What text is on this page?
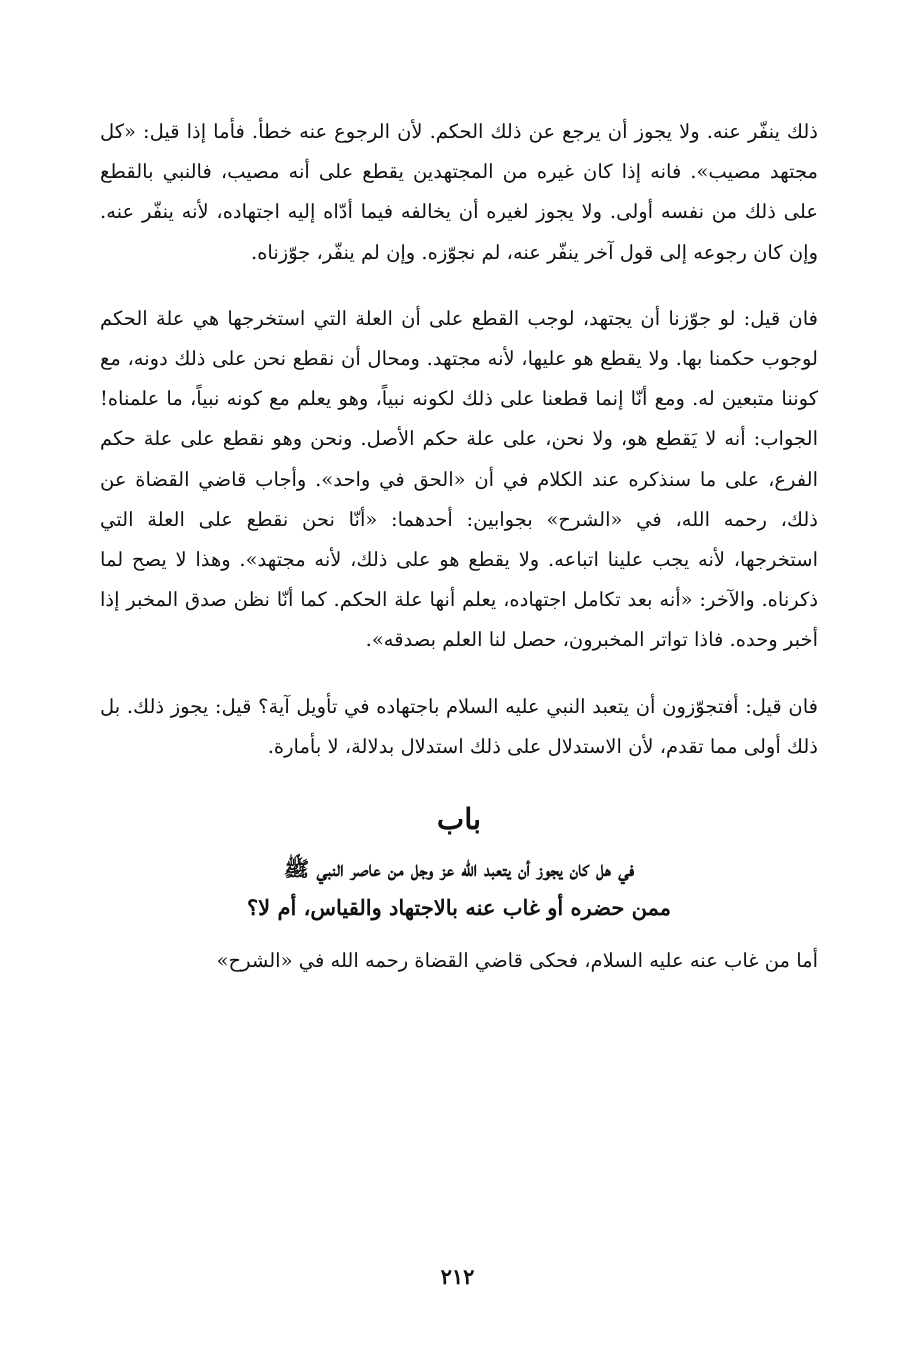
ذلك ينفّر عنه. ولا يجوز أن يرجع عن ذلك الحكم. لأن الرجوع عنه خطأ. فأما إذا قيل: «كل مجتهد مصيب». فانه إذا كان غيره من المجتهدين يقطع على أنه مصيب، فالنبي بالقطع على ذلك من نفسه أولى. ولا يجوز لغيره أن يخالفه فيما أدّاه إليه اجتهاده، لأنه ينفّر عنه. وإن كان رجوعه إلى قول آخر ينفّر عنه، لم نجوّزه. وإن لم ينفّر، جوّزناه.

فان قيل: لو جوّزنا أن يجتهد، لوجب القطع على أن العلة التي استخرجها هي علة الحكم لوجوب حكمنا بها. ولا يقطع هو عليها، لأنه مجتهد. ومحال أن نقطع نحن على ذلك دونه، مع كوننا متبعين له. ومع أنّا إنما قطعنا على ذلك لكونه نبياً، وهو يعلم مع كونه نبياً، ما علمناه! الجواب: أنه لا يَقطع هو، ولا نحن، على علة حكم الأصل. ونحن وهو نقطع على علة حكم الفرع، على ما سنذكره عند الكلام في أن «الحق في واحد». وأجاب قاضي القضاة عن ذلك، رحمه الله، في «الشرح» بجوابين: أحدهما: «أنّا نحن نقطع على العلة التي استخرجها، لأنه يجب علينا اتباعه. ولا يقطع هو على ذلك، لأنه مجتهد». وهذا لا يصح لما ذكرناه. والآخر: «أنه بعد تكامل اجتهاده، يعلم أنها علة الحكم. كما أنّا نظن صدق المخبر إذا أخبر وحده. فاذا تواتر المخبرون، حصل لنا العلم بصدقه».

فان قيل: أفتجوّزون أن يتعبد النبي عليه السلام باجتهاده في تأويل آية؟ قيل: يجوز ذلك. بل ذلك أولى مما تقدم، لأن الاستدلال على ذلك استدلال بدلالة، لا بأمارة.

باب
في هل كان يجوز أن يتعبد الله عز وجل من عاصر النبي ﷺ
ممن حضره أو غاب عنه بالاجتهاد والقياس، أم لا؟

أما من غاب عنه عليه السلام، فحكى قاضي القضاة رحمه الله في «الشرح»

٢١٢
